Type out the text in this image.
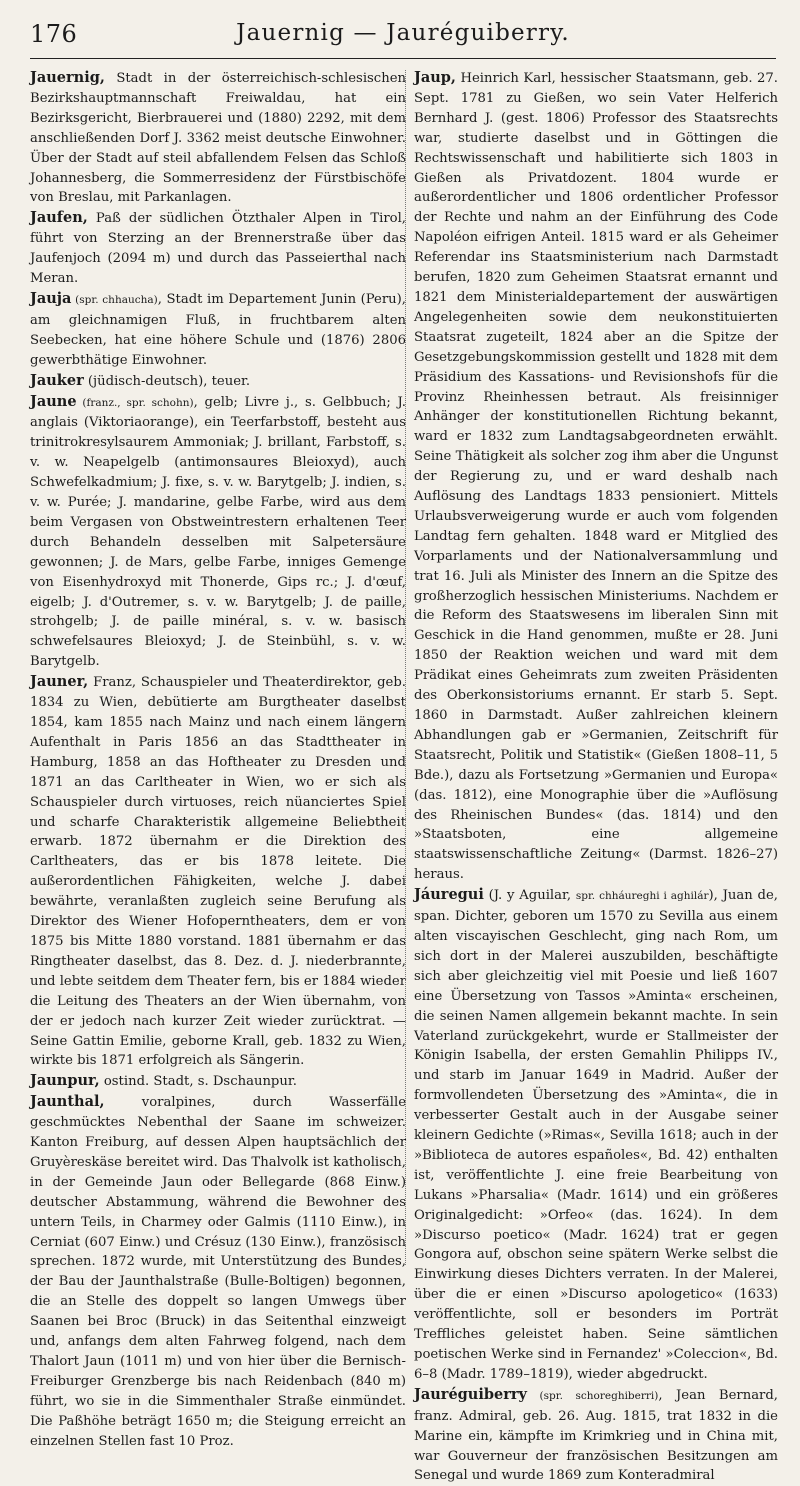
176	Jauernig — Jauréguiberry.

Jauernig, Stadt in der österreichisch-schlesischen Bezirkshauptmannschaft Freiwaldau, hat ein Bezirksgericht, Bierbrauerei und (1880) 2292, mit dem anschließenden Dorf J. 3362 meist deutsche Einwohner. Über der Stadt auf steil abfallendem Felsen das Schloß Johannesberg, die Sommerresidenz der Fürstbischöfe von Breslau, mit Parkanlagen.

Jaufen, Paß der südlichen Ötzthaler Alpen in Tirol, führt von Sterzing an der Brennerstraße über das Jaufenjoch (2094 m) und durch das Passeierthal nach Meran.

Jauja (spr. chhaucha), Stadt im Departement Junin (Peru), am gleichnamigen Fluß, in fruchtbarem alten Seebecken, hat eine höhere Schule und (1876) 2806 gewerbthätige Einwohner.

Jauker (jüdisch-deutsch), teuer.

Jaune (franz., spr. schohn), gelb; Livre j., s. Gelbbuch; J. anglais (Viktoriaorange), ein Teerfarbstoff, besteht aus trinitrokresylsaurem Ammoniak; J. brillant, Farbstoff, s. v. w. Neapelgelb (antimonsaures Bleioxyd), auch Schwefelkadmium; J. fixe, s. v. w. Barytgelb; J. indien, s. v. w. Purée; J. mandarine, gelbe Farbe, wird aus dem beim Vergasen von Obstweintrestern erhaltenen Teer durch Behandeln desselben mit Salpetersäure gewonnen; J. de Mars, gelbe Farbe, inniges Gemenge von Eisenhydroxyd mit Thonerde, Gips rc.; J. d'œuf, eigelb; J. d'Outremer, s. v. w. Barytgelb; J. de paille, strohgelb; J. de paille minéral, s. v. w. basisch schwefelsaures Bleioxyd; J. de Steinbühl, s. v. w. Barytgelb.

Jauner, Franz, Schauspieler und Theaterdirektor, geb. 1834 zu Wien, debütierte am Burgtheater daselbst 1854, kam 1855 nach Mainz und nach einem längern Aufenthalt in Paris 1856 an das Stadttheater in Hamburg, 1858 an das Hoftheater zu Dresden und 1871 an das Carltheater in Wien, wo er sich als Schauspieler durch virtuoses, reich nüanciertes Spiel und scharfe Charakteristik allgemeine Beliebtheit erwarb. 1872 übernahm er die Direktion des Carltheaters, das er bis 1878 leitete. Die außerordentlichen Fähigkeiten, welche J. dabei bewährte, veranlaßten zugleich seine Berufung als Direktor des Wiener Hofoperntheaters, dem er von 1875 bis Mitte 1880 vorstand. 1881 übernahm er das Ringtheater daselbst, das 8. Dez. d. J. niederbrannte, und lebte seitdem dem Theater fern, bis er 1884 wieder die Leitung des Theaters an der Wien übernahm, von der er jedoch nach kurzer Zeit wieder zurücktrat. — Seine Gattin Emilie, geborne Krall, geb. 1832 zu Wien, wirkte bis 1871 erfolgreich als Sängerin.

Jaunpur, ostind. Stadt, s. Dschaunpur.

Jaunthal, voralpines, durch Wasserfälle geschmücktes Nebenthal der Saane im schweizer. Kanton Freiburg, auf dessen Alpen hauptsächlich der Gruyèreskäse bereitet wird. Das Thalvolk ist katholisch, in der Gemeinde Jaun oder Bellegarde (868 Einw.) deutscher Abstammung, während die Bewohner des untern Teils, in Charmey oder Galmis (1110 Einw.), in Cerniat (607 Einw.) und Crésuz (130 Einw.), französisch sprechen. 1872 wurde, mit Unterstützung des Bundes, der Bau der Jaunthalstraße (Bulle-Boltigen) begonnen, die an Stelle des doppelt so langen Umwegs über Saanen bei Broc (Bruck) in das Seitenthal einzweigt und, anfangs dem alten Fahrweg folgend, nach dem Thalort Jaun (1011 m) und von hier über die Bernisch-Freiburger Grenzberge bis nach Reidenbach (840 m) führt, wo sie in die Simmenthaler Straße einmündet. Die Paßhöhe beträgt 1650 m; die Steigung erreicht an einzelnen Stellen fast 10 Proz.

Jaup, Heinrich Karl, hessischer Staatsmann, geb. 27. Sept. 1781 zu Gießen, wo sein Vater Helferich Bernhard J. (gest. 1806) Professor des Staatsrechts war, studierte daselbst und in Göttingen die Rechtswissenschaft und habilitierte sich 1803 in Gießen als Privatdozent. 1804 wurde er außerordentlicher und 1806 ordentlicher Professor der Rechte und nahm an der Einführung des Code Napoléon eifrigen Anteil. 1815 ward er als Geheimer Referendar ins Staatsministerium nach Darmstadt berufen, 1820 zum Geheimen Staatsrat ernannt und 1821 dem Ministerialdepartement der auswärtigen Angelegenheiten sowie dem neukonstituierten Staatsrat zugeteilt, 1824 aber an die Spitze der Gesetzgebungskommission gestellt und 1828 mit dem Präsidium des Kassations- und Revisionshofs für die Provinz Rheinhessen betraut. Als freisinniger Anhänger der konstitutionellen Richtung bekannt, ward er 1832 zum Landtagsabgeordneten erwählt. Seine Thätigkeit als solcher zog ihm aber die Ungunst der Regierung zu, und er ward deshalb nach Auflösung des Landtags 1833 pensioniert. Mittels Urlaubsverweigerung wurde er auch vom folgenden Landtag fern gehalten. 1848 ward er Mitglied des Vorparlaments und der Nationalversammlung und trat 16. Juli als Minister des Innern an die Spitze des großherzoglich hessischen Ministeriums. Nachdem er die Reform des Staatswesens im liberalen Sinn mit Geschick in die Hand genommen, mußte er 28. Juni 1850 der Reaktion weichen und ward mit dem Prädikat eines Geheimrats zum zweiten Präsidenten des Oberkonsistoriums ernannt. Er starb 5. Sept. 1860 in Darmstadt. Außer zahlreichen kleinern Abhandlungen gab er »Germanien, Zeitschrift für Staatsrecht, Politik und Statistik« (Gießen 1808–11, 5 Bde.), dazu als Fortsetzung »Germanien und Europa« (das. 1812), eine Monographie über die »Auflösung des Rheinischen Bundes« (das. 1814) und den »Staatsboten, eine allgemeine staatswissenschaftliche Zeitung« (Darmst. 1826–27) heraus.

Jáuregui (J. y Aguilar, spr. chháureghi i aghilár), Juan de, span. Dichter, geboren um 1570 zu Sevilla aus einem alten viscayischen Geschlecht, ging nach Rom, um sich dort in der Malerei auszubilden, beschäftigte sich aber gleichzeitig viel mit Poesie und ließ 1607 eine Übersetzung von Tassos »Aminta« erscheinen, die seinen Namen allgemein bekannt machte. In sein Vaterland zurückgekehrt, wurde er Stallmeister der Königin Isabella, der ersten Gemahlin Philipps IV., und starb im Januar 1649 in Madrid. Außer der formvollendeten Übersetzung des »Aminta«, die in verbesserter Gestalt auch in der Ausgabe seiner kleinern Gedichte (»Rimas«, Sevilla 1618; auch in der »Biblioteca de autores españoles«, Bd. 42) enthalten ist, veröffentlichte J. eine freie Bearbeitung von Lukans »Pharsalia« (Madr. 1614) und ein größeres Originalgedicht: »Orfeo« (das. 1624). In dem »Discurso poetico« (Madr. 1624) trat er gegen Gongora auf, obschon seine spätern Werke selbst die Einwirkung dieses Dichters verraten. In der Malerei, über die er einen »Discurso apologetico« (1633) veröffentlichte, soll er besonders im Porträt Treffliches geleistet haben. Seine sämtlichen poetischen Werke sind in Fernandez' »Coleccion«, Bd. 6–8 (Madr. 1789–1819), wieder abgedruckt.

Jauréguiberry (spr. schoreghiberri), Jean Bernard, franz. Admiral, geb. 26. Aug. 1815, trat 1832 in die Marine ein, kämpfte im Krimkrieg und in China mit, war Gouverneur der französischen Besitzungen am Senegal und wurde 1869 zum Konteradmiral
